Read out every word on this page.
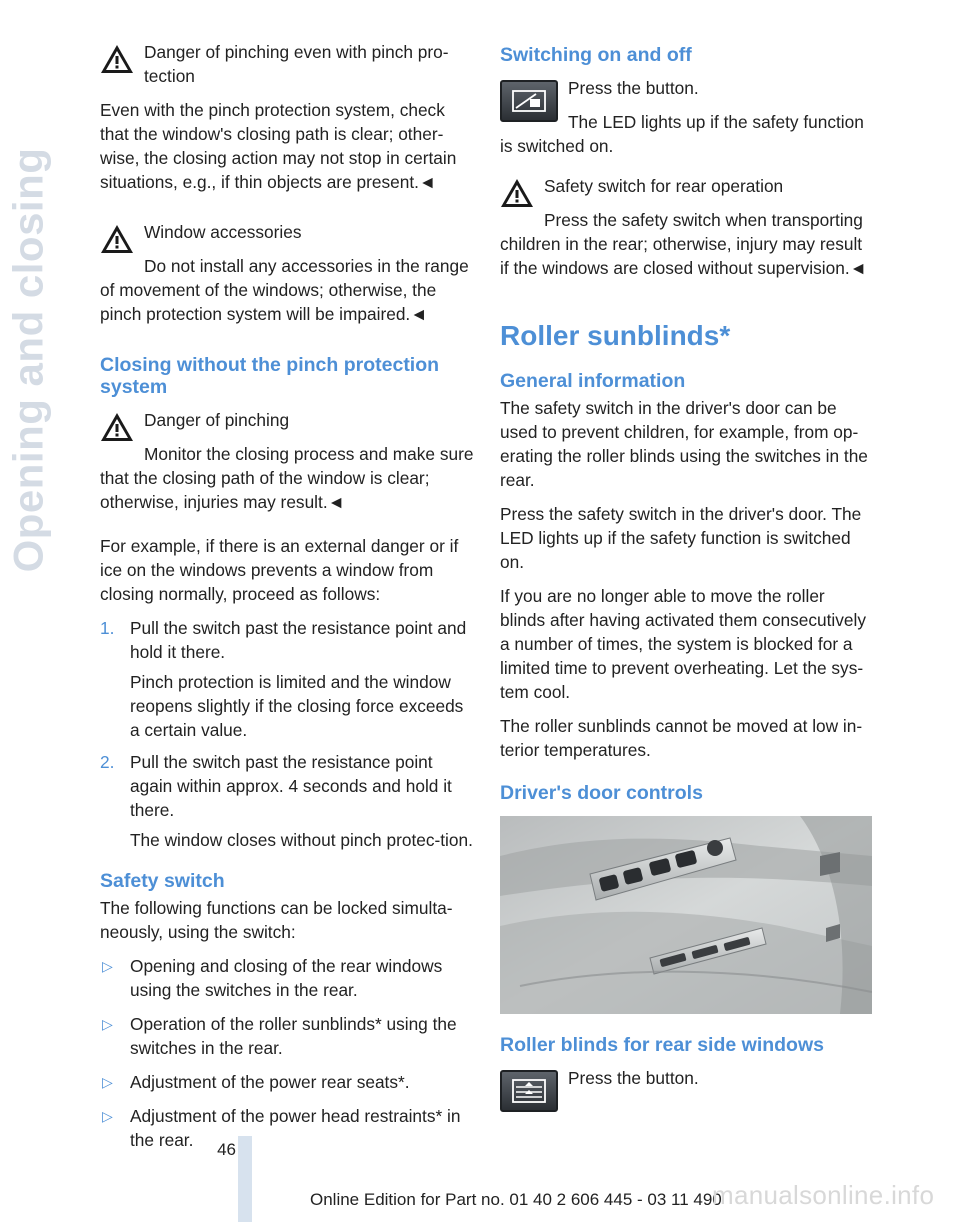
Opening and closing

Danger of pinching even with pinch pro-tection

Even with the pinch protection system, check that the window's closing path is clear; other-wise, the closing action may not stop in certain situations, e.g., if thin objects are present.◄

Window accessories

Do not install any accessories in the range of movement of the windows; otherwise, the pinch protection system will be impaired.◄

Closing without the pinch protection system

Danger of pinching

Monitor the closing process and make sure that the closing path of the window is clear; otherwise, injuries may result.◄

For example, if there is an external danger or if ice on the windows prevents a window from closing normally, proceed as follows:

1. Pull the switch past the resistance point and hold it there.

Pinch protection is limited and the window reopens slightly if the closing force exceeds a certain value.

2. Pull the switch past the resistance point again within approx. 4 seconds and hold it there.

The window closes without pinch protec-tion.

Safety switch

The following functions can be locked simulta-neously, using the switch:

▷ Opening and closing of the rear windows using the switches in the rear.
▷ Operation of the roller sunblinds* using the switches in the rear.
▷ Adjustment of the power rear seats*.
▷ Adjustment of the power head restraints* in the rear.
Switching on and off

Press the button.

The LED lights up if the safety function is switched on.

Safety switch for rear operation

Press the safety switch when transporting children in the rear; otherwise, injury may result if the windows are closed without supervision.◄

Roller sunblinds*
General information

The safety switch in the driver's door can be used to prevent children, for example, from op-erating the roller blinds using the switches in the rear.

Press the safety switch in the driver's door. The LED lights up if the safety function is switched on.

If you are no longer able to move the roller blinds after having activated them consecutively a number of times, the system is blocked for a limited time to prevent overheating. Let the sys-tem cool.

The roller sunblinds cannot be moved at low in-terior temperatures.

Driver's door controls
Roller blinds for rear side windows

Press the button.

46
Online Edition for Part no. 01 40 2 606 445 - 03 11 490
manualsonline.info
